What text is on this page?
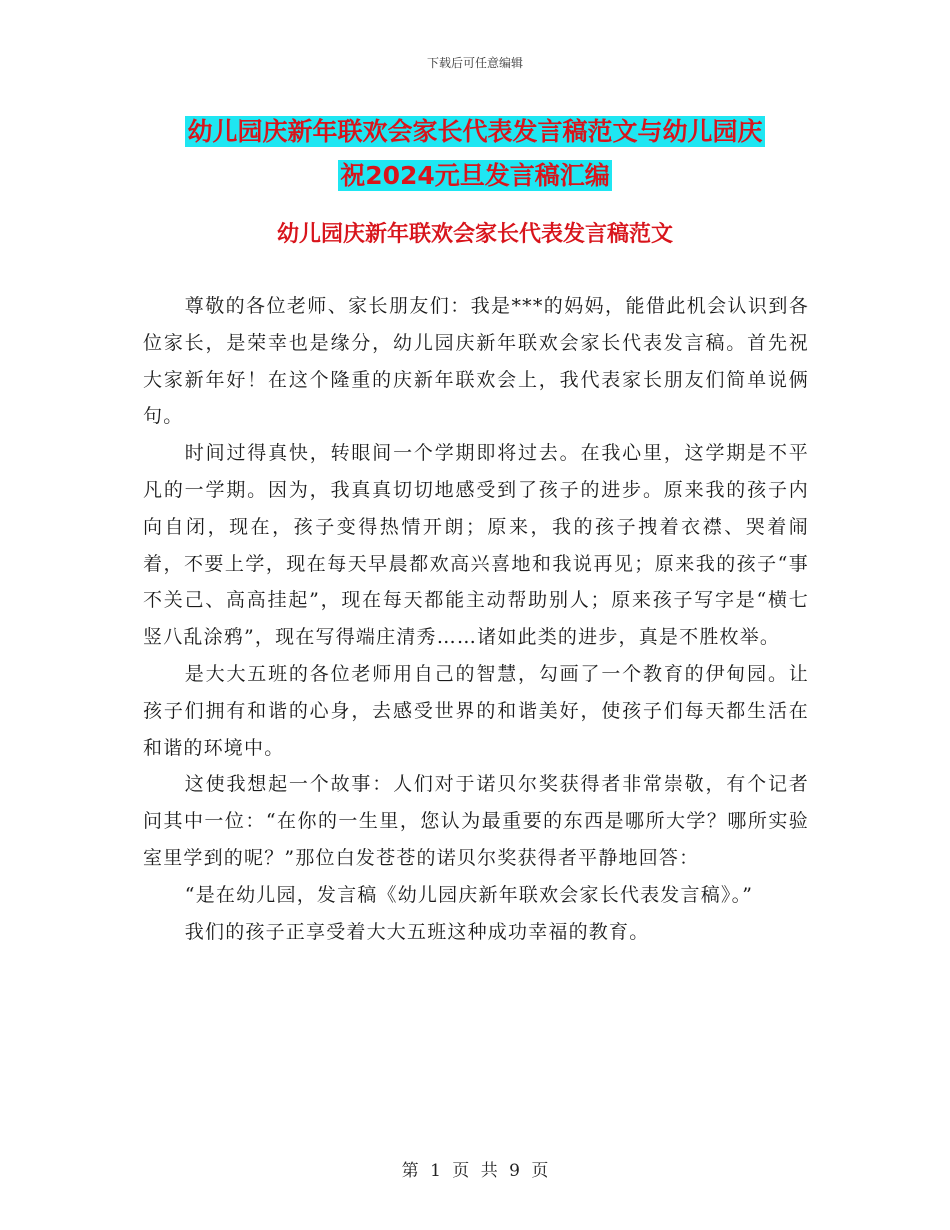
下载后可任意编辑
幼儿园庆新年联欢会家长代表发言稿范文与幼儿园庆
祝2024元旦发言稿汇编
幼儿园庆新年联欢会家长代表发言稿范文

尊敬的各位老师、家长朋友们：我是***的妈妈，能借此机会认识到各位家长，是荣幸也是缘分，幼儿园庆新年联欢会家长代表发言稿。首先祝大家新年好！在这个隆重的庆新年联欢会上，我代表家长朋友们简单说俩句。

时间过得真快，转眼间一个学期即将过去。在我心里，这学期是不平凡的一学期。因为，我真真切切地感受到了孩子的进步。原来我的孩子内向自闭，现在，孩子变得热情开朗；原来，我的孩子拽着衣襟、哭着闹着，不要上学，现在每天早晨都欢高兴喜地和我说再见；原来我的孩子“事不关己、高高挂起”，现在每天都能主动帮助别人；原来孩子写字是“横七竖八乱涂鸦”，现在写得端庄清秀……诸如此类的进步，真是不胜枚举。

是大大五班的各位老师用自己的智慧，勾画了一个教育的伊甸园。让孩子们拥有和谐的心身，去感受世界的和谐美好，使孩子们每天都生活在和谐的环境中。

这使我想起一个故事：人们对于诺贝尔奖获得者非常崇敬，有个记者问其中一位：“在你的一生里，您认为最重要的东西是哪所大学？哪所实验室里学到的呢？”那位白发苍苍的诺贝尔奖获得者平静地回答：

“是在幼儿园，发言稿《幼儿园庆新年联欢会家长代表发言稿》。”

我们的孩子正享受着大大五班这种成功幸福的教育。

第 1 页 共 9 页
